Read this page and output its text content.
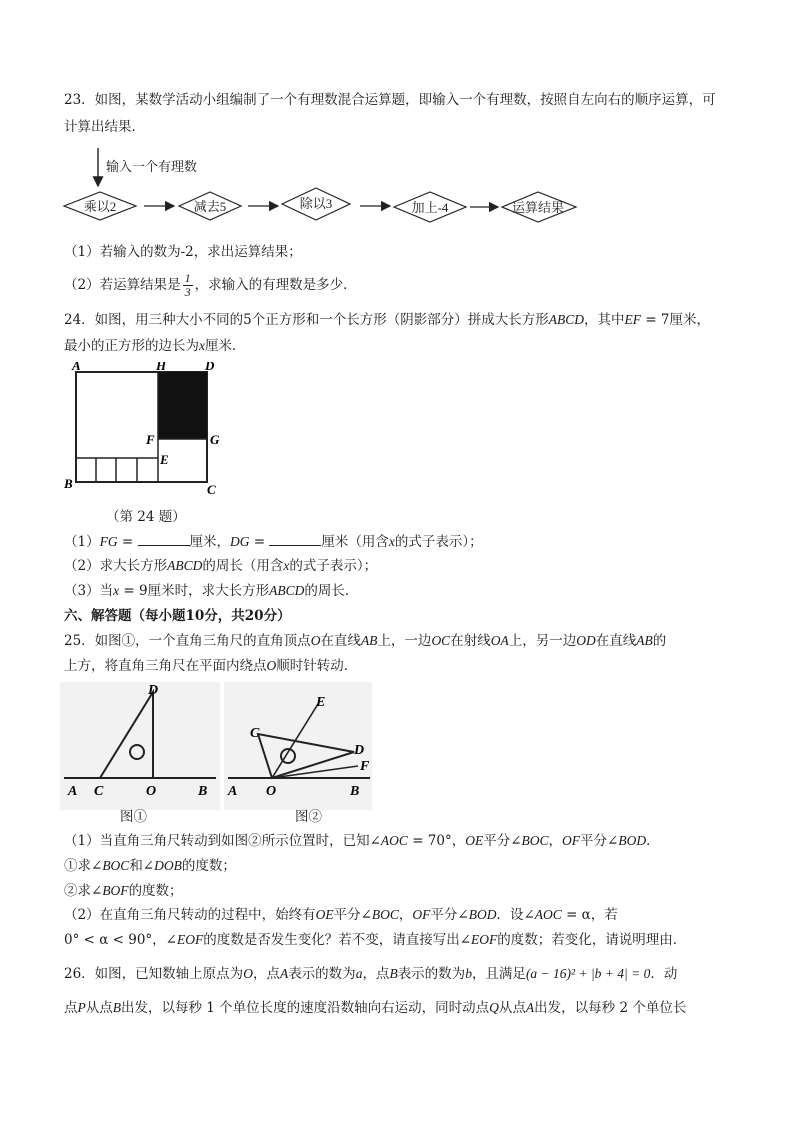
23．如图，某数学活动小组编制了一个有理数混合运算题，即输入一个有理数，按照自左向右的顺序运算，可
计算出结果．
输入一个有理数
乘以2	减去5	除以3	加上-4	运算结果
（1）若输入的数为-2，求出运算结果；
（2）若运算结果是 $\frac{1}{3}$ ，求输入的有理数是多少．
24．如图，用三种大小不同的5个正方形和一个长方形（阴影部分）拼成大长方形ABCD，其中EF = 7厘米，
最小的正方形的边长为x厘米．
A	H	D
F	G
E
B	C
（第 24 题）
（1）FG =	厘米，DG =	厘米（用含x的式子表示）；
（2）求大长方形ABCD的周长（用含x的式子表示）；
（3）当x = 9厘米时，求大长方形ABCD的周长．
六、解答题（每小题10分，共20分）
25．如图①，一个直角三角尺的直角顶点O在直线AB上，一边OC在射线OA上，另一边OD在直线AB的
上方，将直角三角尺在平面内绕点O顺时针转动．
D
A C	O	B
E
C
D
F
A O	B
图①	图②
（1）当直角三角尺转动到如图②所示位置时，已知∠AOC = 70°，OE平分∠BOC，OF平分∠BOD．
①求∠BOC和∠DOB的度数；
②求∠BOF的度数；
（2）在直角三角尺转动的过程中，始终有OE平分∠BOC，OF平分∠BOD．设∠AOC = α，若
0° < α < 90°，∠EOF的度数是否发生变化？若不变，请直接写出∠EOF的度数；若变化，请说明理由．
26．如图，已知数轴上原点为O，点A表示的数为a，点B表示的数为b，且满足(a − 16)² + |b + 4| = 0．动
点P从点B出发，以每秒 1 个单位长度的速度沿数轴向右运动，同时动点Q从点A出发，以每秒 2 个单位长
